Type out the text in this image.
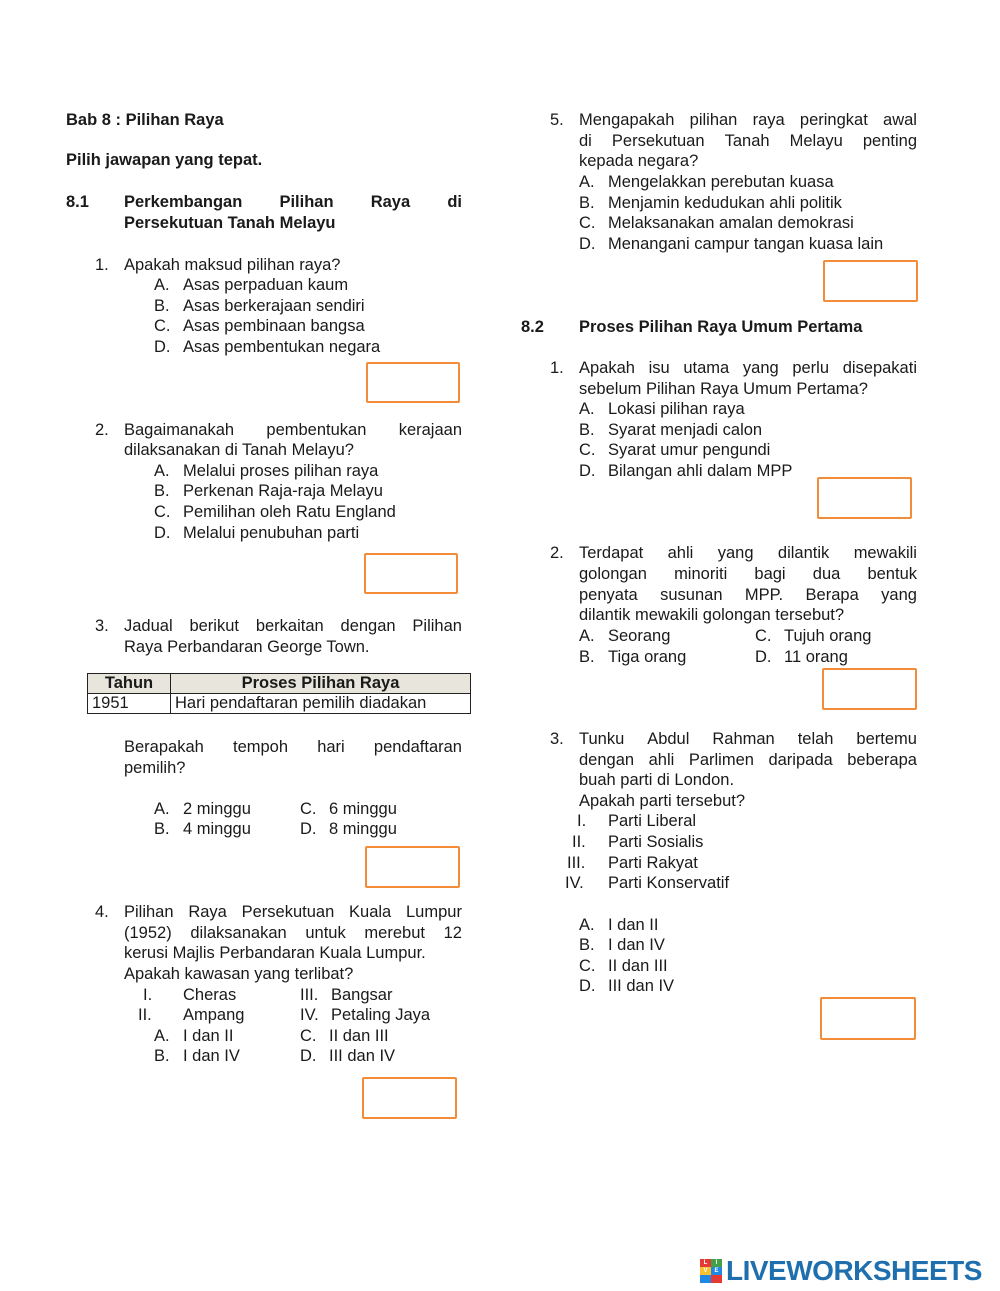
Bab 8 : Pilihan Raya
Pilih jawapan yang tepat.
8.1 Perkembangan Pilihan Raya di
Persekutuan Tanah Melayu
1. Apakah maksud pilihan raya?
A. Asas perpaduan kaum
B. Asas berkerajaan sendiri
C. Asas pembinaan bangsa
D. Asas pembentukan negara
2. Bagaimanakah pembentukan kerajaan
dilaksanakan di Tanah Melayu?
A. Melalui proses pilihan raya
B. Perkenan Raja-raja Melayu
C. Pemilihan oleh Ratu England
D. Melalui penubuhan parti
3. Jadual berikut berkaitan dengan Pilihan
Raya Perbandaran George Town.
Tahun	Proses Pilihan Raya
1951	Hari pendaftaran pemilih diadakan
Berapakah tempoh hari pendaftaran
pemilih?
A. 2 minggu
B. 4 minggu
C. 6 minggu
D. 8 minggu
4. Pilihan Raya Persekutuan Kuala Lumpur
(1952) dilaksanakan untuk merebut 12
kerusi Majlis Perbandaran Kuala Lumpur.
Apakah kawasan yang terlibat?
I. Cheras
II. Ampang
III. Bangsar
IV. Petaling Jaya
A. I dan II
B. I dan IV
C. II dan III
D. III dan IV
5. Mengapakah pilihan raya peringkat awal
di Persekutuan Tanah Melayu penting
kepada negara?
A. Mengelakkan perebutan kuasa
B. Menjamin kedudukan ahli politik
C. Melaksanakan amalan demokrasi
D. Menangani campur tangan kuasa lain
8.2 Proses Pilihan Raya Umum Pertama
1. Apakah isu utama yang perlu disepakati
sebelum Pilihan Raya Umum Pertama?
A. Lokasi pilihan raya
B. Syarat menjadi calon
C. Syarat umur pengundi
D. Bilangan ahli dalam MPP
2. Terdapat ahli yang dilantik mewakili
golongan minoriti bagi dua bentuk
penyata susunan MPP. Berapa yang
dilantik mewakili golongan tersebut?
A. Seorang
B. Tiga orang
C. Tujuh orang
D. 11 orang
3. Tunku Abdul Rahman telah bertemu
dengan ahli Parlimen daripada beberapa
buah parti di London.
Apakah parti tersebut?
I. Parti Liberal
II. Parti Sosialis
III. Parti Rakyat
IV. Parti Konservatif
A. I dan II
B. I dan IV
C. II dan III
D. III dan IV
L	I
V	E LIVEWORKSHEETS
